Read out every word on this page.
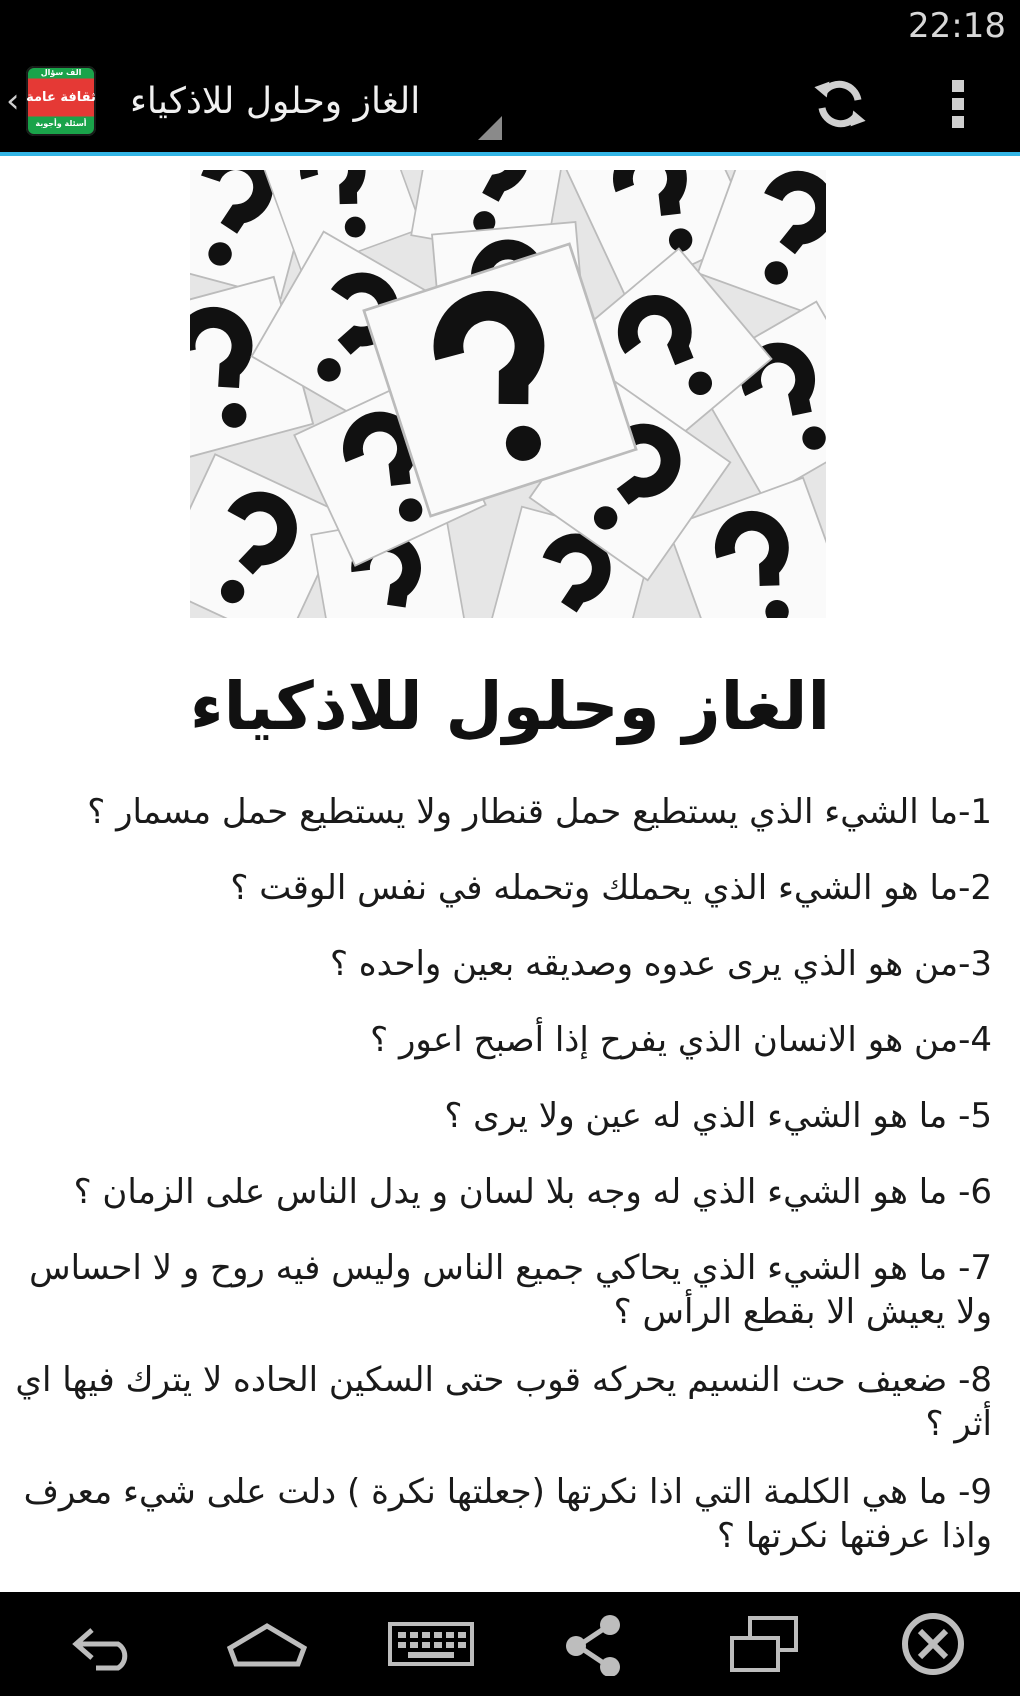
22:18
‹
الف سؤال
ثقافة عامة
أسئلة وأجوبة
الغاز وحلول للاذكياء
الغاز وحلول للاذكياء

1-ما الشيء الذي يستطيع حمل قنطار ولا يستطيع حمل مسمار ؟

2-ما هو الشيء الذي يحملك وتحمله في نفس الوقت ؟

3-من هو الذي يرى عدوه وصديقه بعين واحده ؟

4-من هو الانسان الذي يفرح إذا أصبح اعور ؟

5- ما هو الشيء الذي له عين ولا يرى ؟

6- ما هو الشيء الذي له وجه بلا لسان و يدل الناس على الزمان ؟

7- ما هو الشيء الذي يحاكي جميع الناس وليس فيه روح و لا احساس ولا يعيش الا بقطع الرأس ؟

8- ضعيف حت النسيم يحركه قوب حتى السكين الحاده لا يترك فيها اي أثر ؟

9- ما هي الكلمة التي اذا نكرتها (جعلتها نكرة ) دلت على شيء معرف واذا عرفتها نكرتها ؟
